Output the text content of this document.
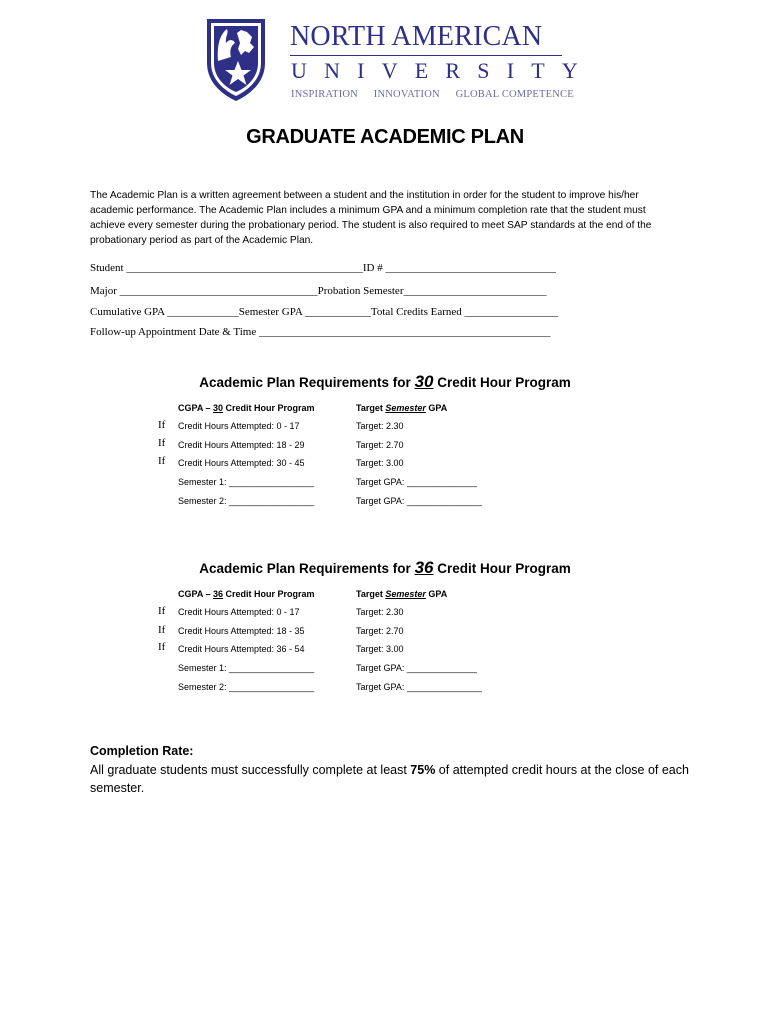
NORTH AMERICAN
UNIVERSITY
INSPIRATION INNOVATION GLOBAL COMPETENCE
GRADUATE ACADEMIC PLAN
The Academic Plan is a written agreement between a student and the institution in order for the student to improve his/her academic performance. The Academic Plan includes a minimum GPA and a minimum completion rate that the student must achieve every semester during the probationary period. The student is also required to meet SAP standards at the end of the probationary period as part of the Academic Plan.
Student ___________________________________________ID # _______________________________
Major ____________________________________Probation Semester__________________________
Cumulative GPA _____________Semester GPA ____________Total Credits Earned _________________
Follow-up Appointment Date & Time _____________________________________________________
Academic Plan Requirements for 30 Credit Hour Program
CGPA – 30 Credit Hour Program	Target Semester GPA
If Credit Hours Attempted: 0 - 17	Target: 2.30
If Credit Hours Attempted: 18 - 29	Target: 2.70
If Credit Hours Attempted: 30 - 45	Target: 3.00
Semester 1: _________________	Target GPA: ______________
Semester 2: _________________	Target GPA: _______________
Academic Plan Requirements for 36 Credit Hour Program
CGPA – 36 Credit Hour Program	Target Semester GPA
If Credit Hours Attempted: 0 - 17	Target: 2.30
If Credit Hours Attempted: 18 - 35	Target: 2.70
If Credit Hours Attempted: 36 - 54	Target: 3.00
Semester 1: _________________	Target GPA: ______________
Semester 2: _________________	Target GPA: _______________
Completion Rate:
All graduate students must successfully complete at least 75% of attempted credit hours at the close of each semester.
